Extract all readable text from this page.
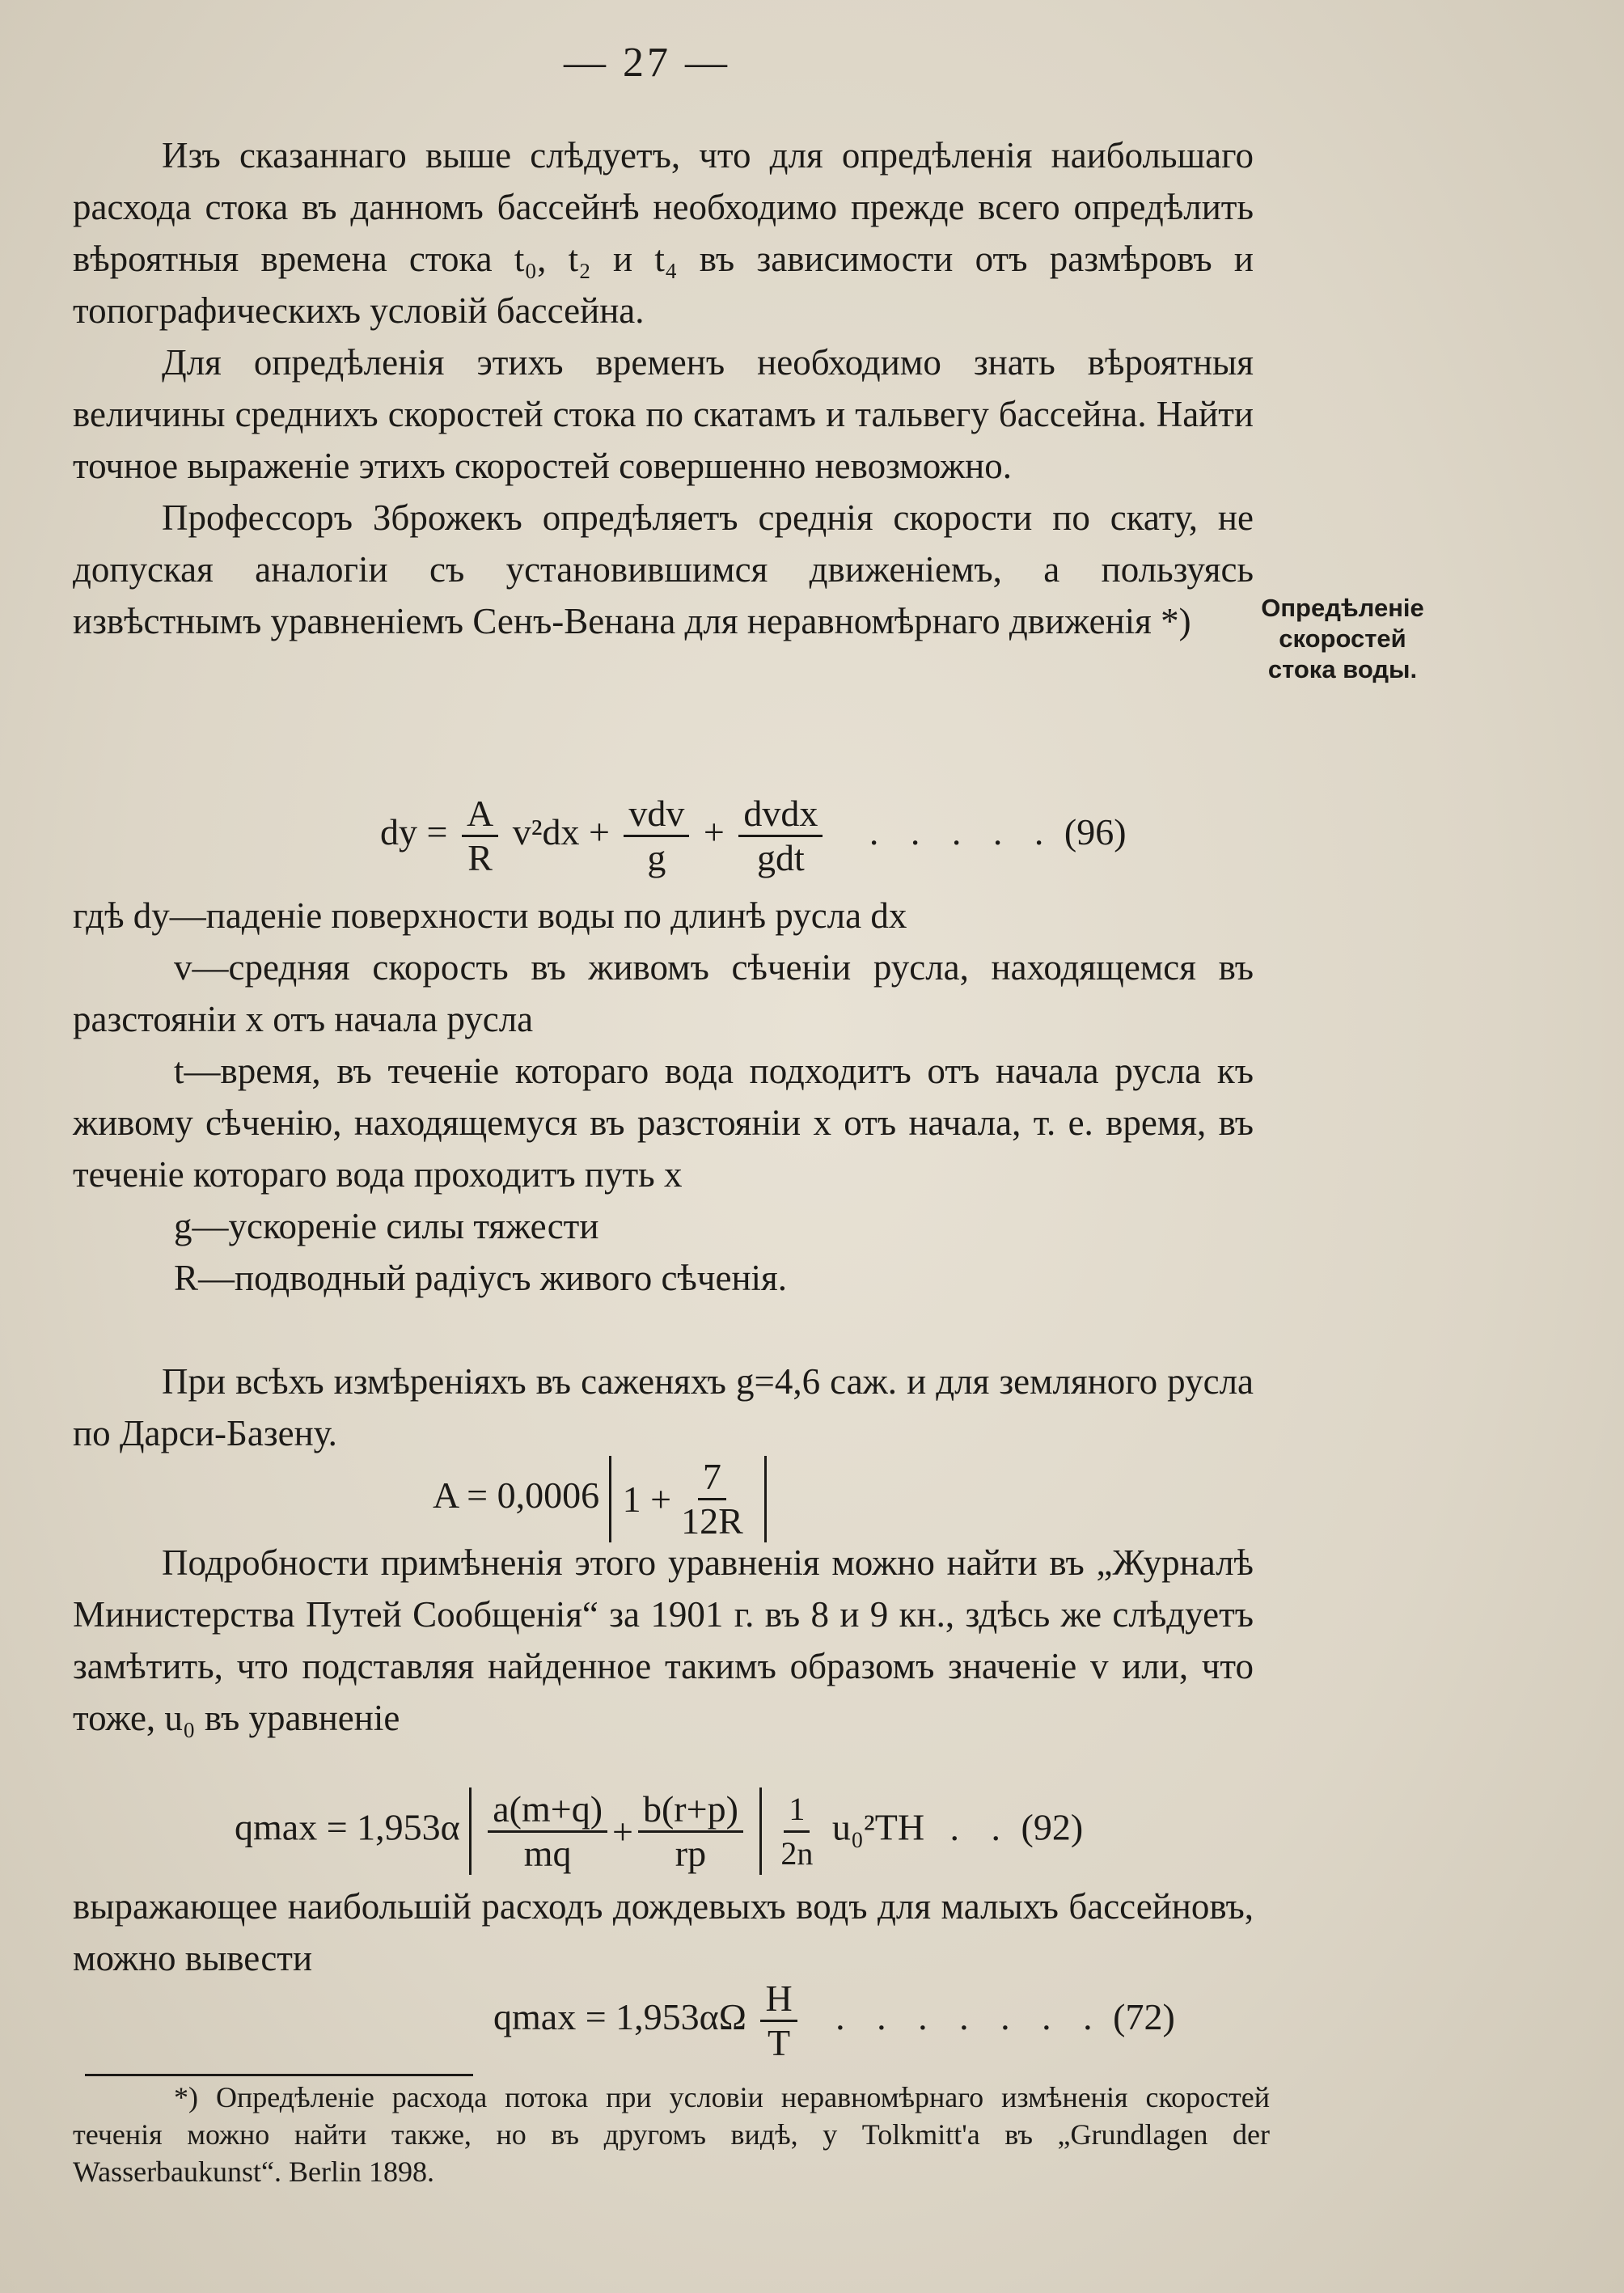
— 27 —

Изъ сказаннаго выше слѣдуетъ, что для опредѣленія наибольшаго расхода стока въ данномъ бассейнѣ необходимо прежде всего опредѣлить вѣроятныя времена стока t₀, t₂ и t₄ въ зависимости отъ размѣровъ и топографическихъ условій бассейна.

Для опредѣленія этихъ временъ необходимо знать вѣроятныя величины среднихъ скоростей стока по скатамъ и тальвегу бассейна. Найти точное выраженіе этихъ скоростей совершенно невозможно.

Профессоръ Зброжекъ опредѣляетъ среднія скорости по скату, не допуская аналогіи съ установившимся движеніемъ, а пользуясь извѣстнымъ уравненіемъ Сенъ-Венана для неравномѣрнаго движенія *)	Опредѣленіе скоростей стока воды.
dy = $\frac{A}{R} v^2dx + \frac{\text{vdv}}{g} + \frac{\text{dvdx}}{\text{gdt}}$ . . . . . (96)

гдѣ dy—паденіе поверхности воды по длинѣ русла dx

v—средняя скорость въ живомъ сѣченіи русла, находящемся въ разстояніи x отъ начала русла

t—время, въ теченіе котораго вода подходитъ отъ начала русла къ живому сѣченію, находящемуся въ разстояніи x отъ начала, т. е. время, въ теченіе котораго вода проходитъ путь x

g—ускореніе силы тяжести

R—подводный радіусъ живого сѣченія.

При всѣхъ измѣреніяхъ въ саженяхъ g=4,6 саж. и для земляного русла по Дарси-Базену.

A = 0,0006 $1 + \frac{7}{12R}$

Подробности примѣненія этого уравненія можно найти въ „Журналѣ Министерства Путей Сообщенія“ за 1901 г. въ 8 и 9 кн., здѣсь же слѣдуетъ замѣтить, что подставляя найденное такимъ образомъ значеніе v или, что тоже, u₀ въ уравненіе

$qmax = 1,953\alpha \frac{a(m+q)}{mq} + \frac{b(r+p)}{rp}$
$\frac{1}{2n} u_0^2TH$ . . (92)

выражающее наибольшій расходъ дождевыхъ водъ для малыхъ бассейновъ, можно вывести

$qmax = 1,953\alpha\Omega \frac{H}{T}$ . . . . . . . (72)

*) Опредѣленіе расхода потока при условіи неравномѣрнаго измѣненія скоростей теченія можно найти также, но въ другомъ видѣ, у Tolkmitt'a въ „Grundlagen der Wasserbaukunst“. Berlin 1898.
